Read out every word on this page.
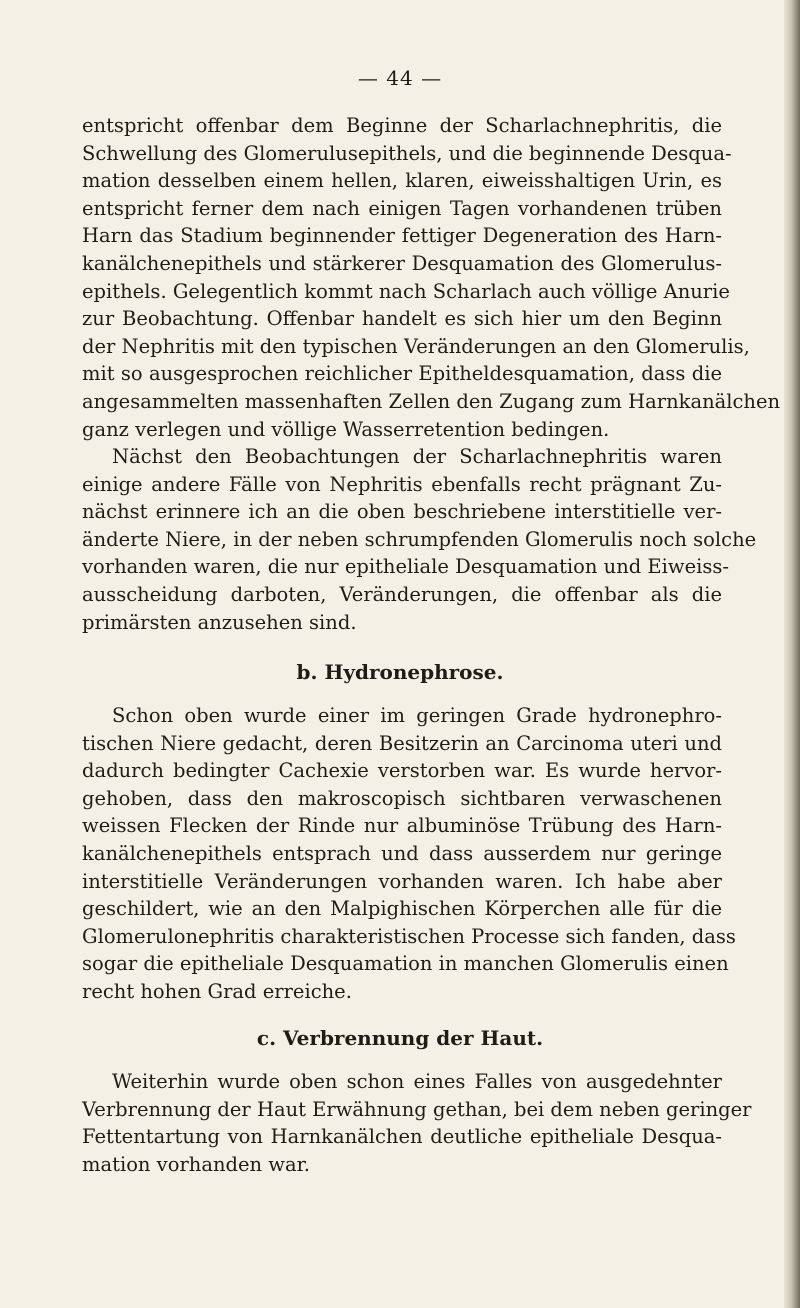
— 44 —
entspricht offenbar dem Beginne der Scharlachnephritis, die
Schwellung des Glomerulusepithels, und die beginnende Desqua-
mation desselben einem hellen, klaren, eiweisshaltigen Urin, es
entspricht ferner dem nach einigen Tagen vorhandenen trüben
Harn das Stadium beginnender fettiger Degeneration des Harn-
kanälchenepithels und stärkerer Desquamation des Glomerulus-
epithels. Gelegentlich kommt nach Scharlach auch völlige Anurie
zur Beobachtung. Offenbar handelt es sich hier um den Beginn
der Nephritis mit den typischen Veränderungen an den Glomerulis,
mit so ausgesprochen reichlicher Epitheldesquamation, dass die
angesammelten massenhaften Zellen den Zugang zum Harnkanälchen
ganz verlegen und völlige Wasserretention bedingen.
Nächst den Beobachtungen der Scharlachnephritis waren
einige andere Fälle von Nephritis ebenfalls recht prägnant Zu-
nächst erinnere ich an die oben beschriebene interstitielle ver-
änderte Niere, in der neben schrumpfenden Glomerulis noch solche
vorhanden waren, die nur epitheliale Desquamation und Eiweiss-
ausscheidung darboten, Veränderungen, die offenbar als die
primärsten anzusehen sind.
b. Hydronephrose.
Schon oben wurde einer im geringen Grade hydronephro-
tischen Niere gedacht, deren Besitzerin an Carcinoma uteri und
dadurch bedingter Cachexie verstorben war. Es wurde hervor-
gehoben, dass den makroscopisch sichtbaren verwaschenen
weissen Flecken der Rinde nur albuminöse Trübung des Harn-
kanälchenepithels entsprach und dass ausserdem nur geringe
interstitielle Veränderungen vorhanden waren. Ich habe aber
geschildert, wie an den Malpighischen Körperchen alle für die
Glomerulonephritis charakteristischen Processe sich fanden, dass
sogar die epitheliale Desquamation in manchen Glomerulis einen
recht hohen Grad erreiche.
c. Verbrennung der Haut.
Weiterhin wurde oben schon eines Falles von ausgedehnter
Verbrennung der Haut Erwähnung gethan, bei dem neben geringer
Fettentartung von Harnkanälchen deutliche epitheliale Desqua-
mation vorhanden war.
